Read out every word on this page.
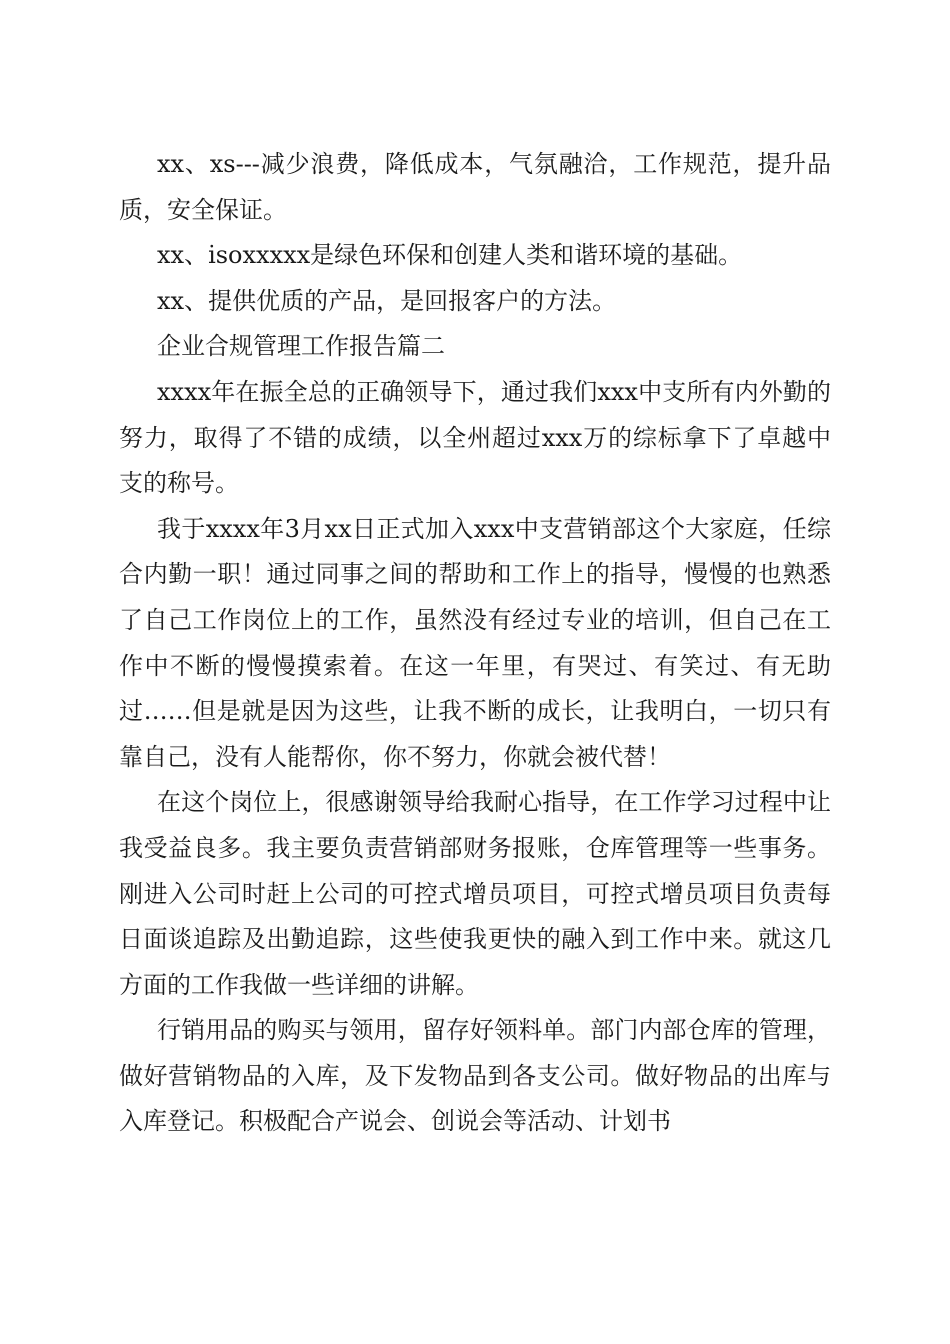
xx、xs---减少浪费，降低成本，气氛融洽，工作规范，提升品质，安全保证。

xx、isoxxxxx是绿色环保和创建人类和谐环境的基础。

xx、提供优质的产品，是回报客户的方法。

企业合规管理工作报告篇二

xxxx年在振全总的正确领导下，通过我们xxx中支所有内外勤的努力，取得了不错的成绩，以全州超过xxx万的综标拿下了卓越中支的称号。

我于xxxx年3月xx日正式加入xxx中支营销部这个大家庭，任综合内勤一职！通过同事之间的帮助和工作上的指导，慢慢的也熟悉了自己工作岗位上的工作，虽然没有经过专业的培训，但自己在工作中不断的慢慢摸索着。在这一年里，有哭过、有笑过、有无助过……但是就是因为这些，让我不断的成长，让我明白，一切只有靠自己，没有人能帮你，你不努力，你就会被代替！

在这个岗位上，很感谢领导给我耐心指导，在工作学习过程中让我受益良多。我主要负责营销部财务报账，仓库管理等一些事务。刚进入公司时赶上公司的可控式增员项目，可控式增员项目负责每日面谈追踪及出勤追踪，这些使我更快的融入到工作中来。就这几方面的工作我做一些详细的讲解。

行销用品的购买与领用，留存好领料单。部门内部仓库的管理，做好营销物品的入库，及下发物品到各支公司。做好物品的出库与入库登记。积极配合产说会、创说会等活动、计划书
